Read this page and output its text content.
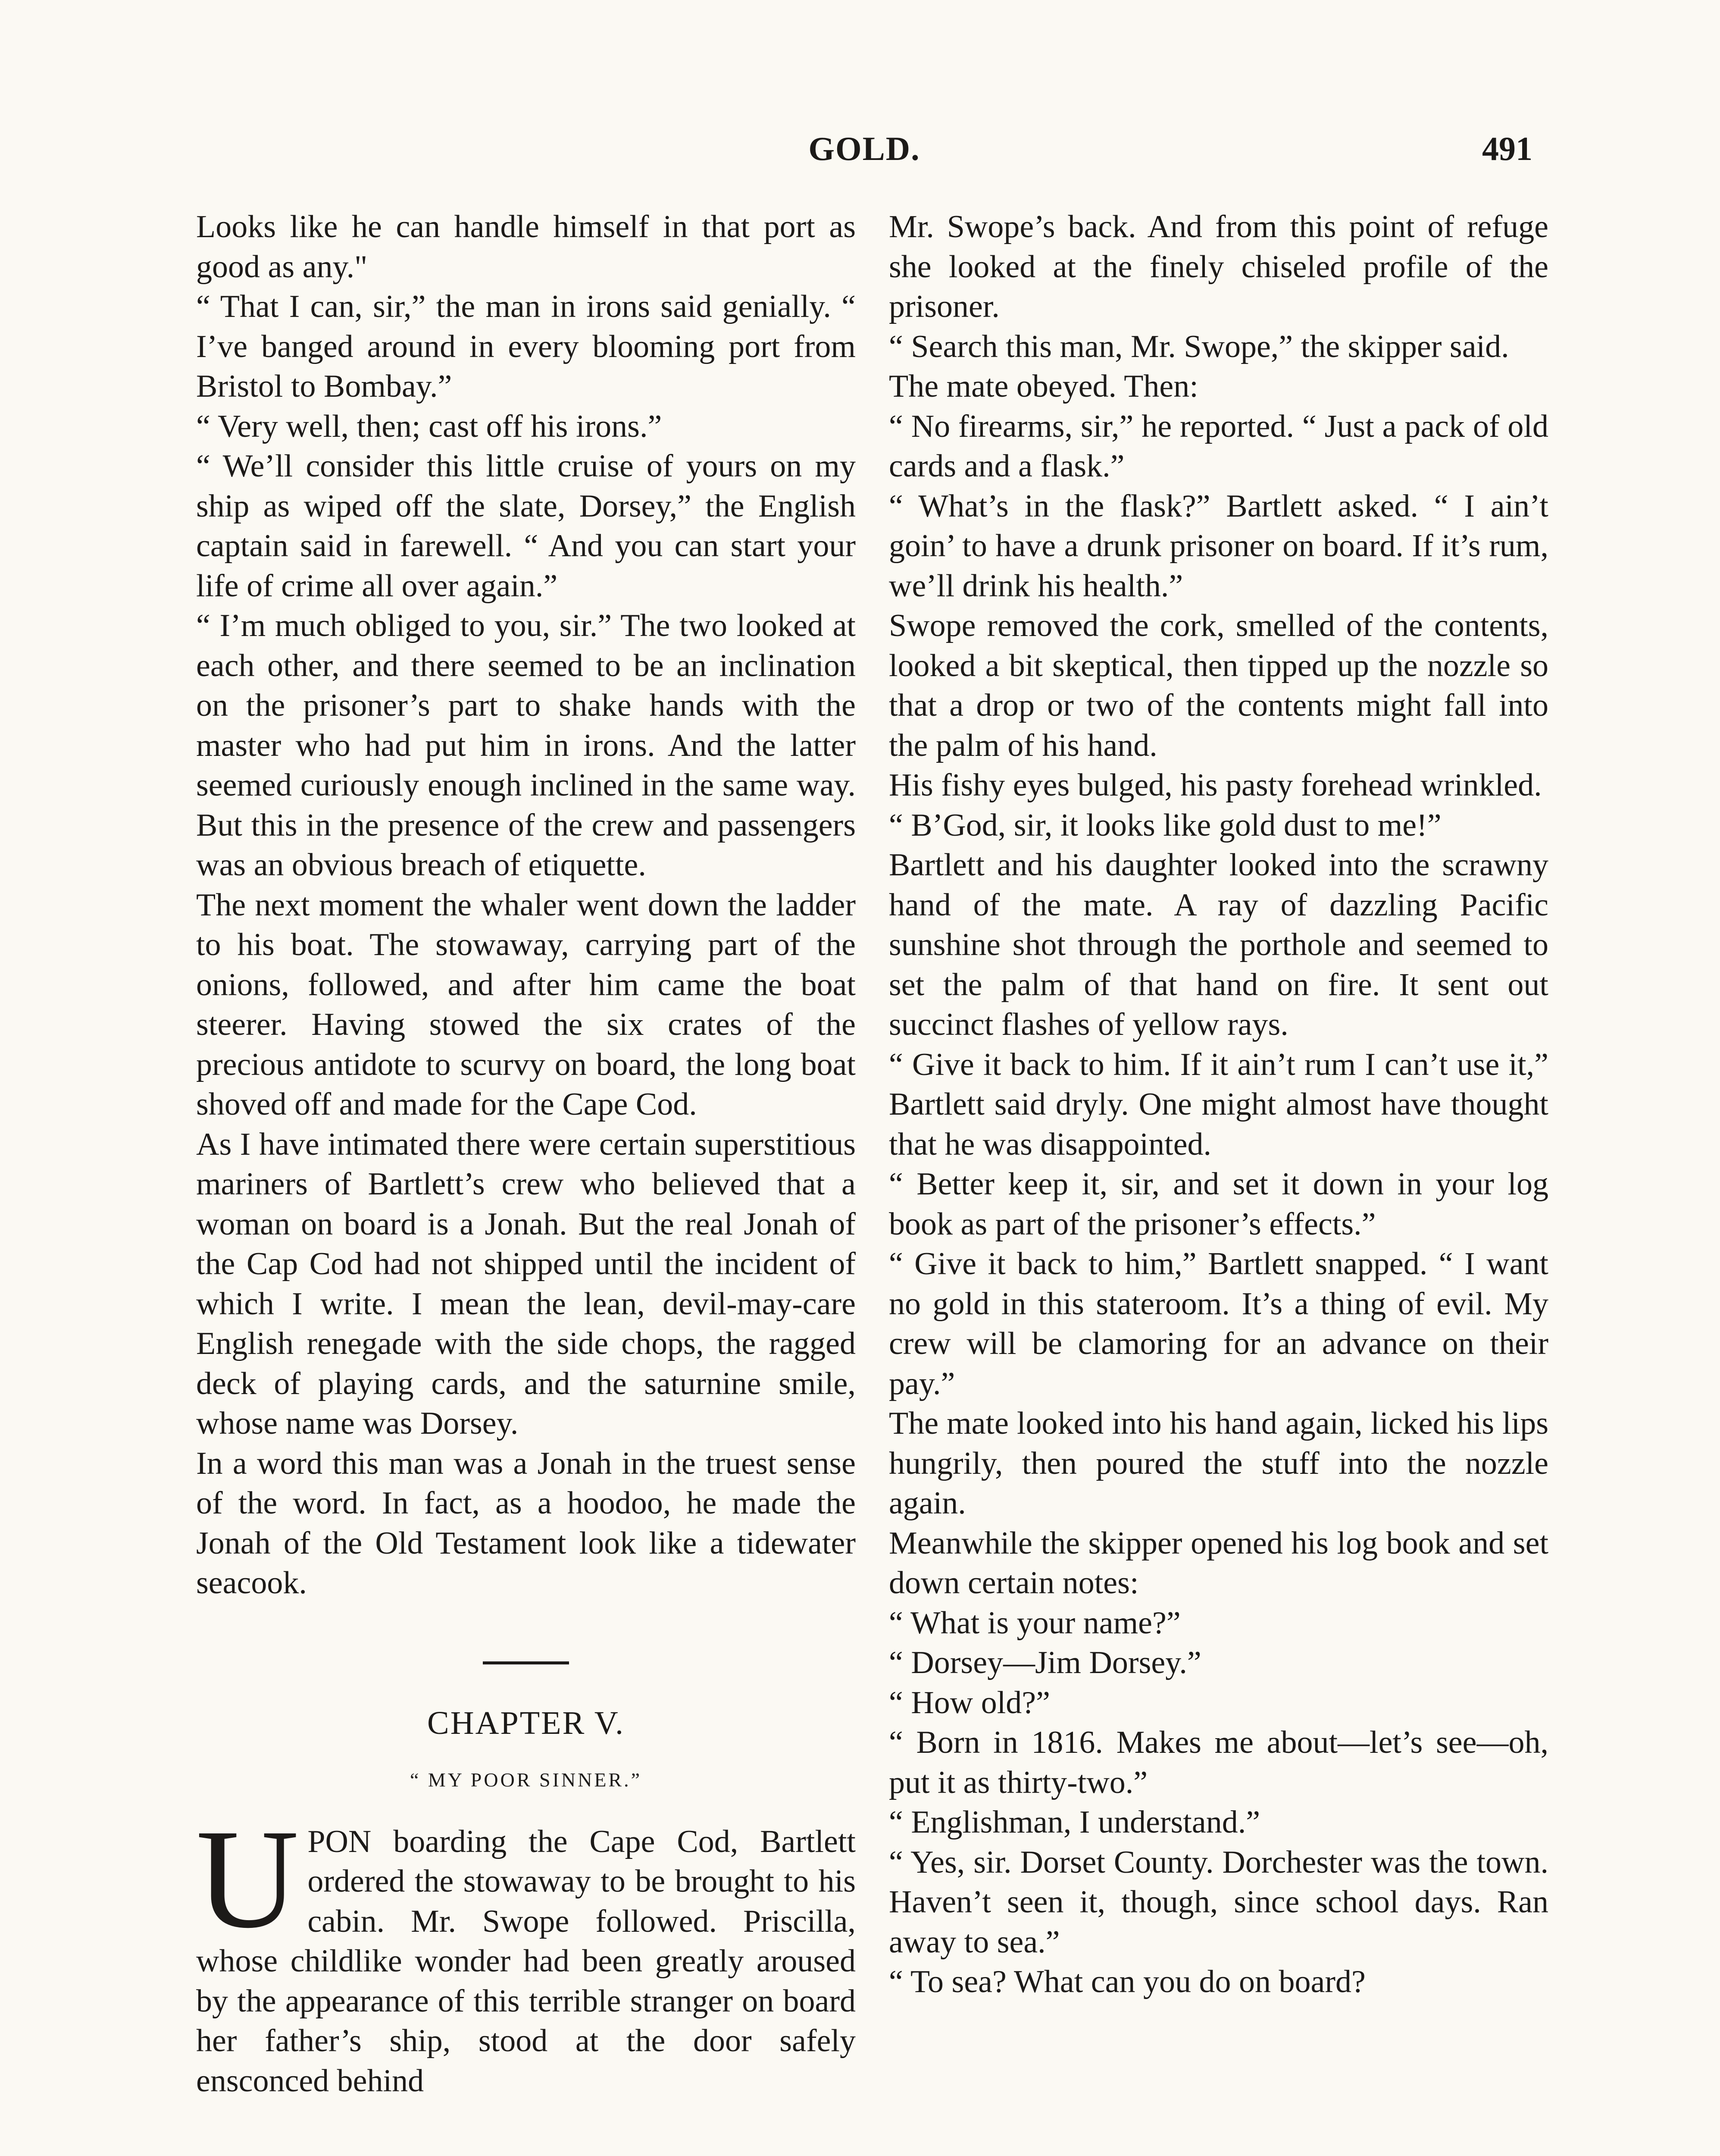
GOLD.	491

Looks like he can handle himself in that port as good as any."

“ That I can, sir,” the man in irons said genially. “ I’ve banged around in every blooming port from Bristol to Bombay.”

“ Very well, then; cast off his irons.”

“ We’ll consider this little cruise of yours on my ship as wiped off the slate, Dorsey,” the English captain said in farewell. “ And you can start your life of crime all over again.”

“ I’m much obliged to you, sir.” The two looked at each other, and there seemed to be an inclination on the prisoner’s part to shake hands with the master who had put him in irons. And the latter seemed curiously enough inclined in the same way. But this in the presence of the crew and passengers was an obvious breach of etiquette.

The next moment the whaler went down the ladder to his boat. The stowaway, carrying part of the onions, followed, and after him came the boat steerer. Having stowed the six crates of the precious antidote to scurvy on board, the long boat shoved off and made for the Cape Cod.

As I have intimated there were certain superstitious mariners of Bartlett’s crew who believed that a woman on board is a Jonah. But the real Jonah of the Cap Cod had not shipped until the incident of which I write. I mean the lean, devil-may-care English renegade with the side chops, the ragged deck of playing cards, and the saturnine smile, whose name was Dorsey.

In a word this man was a Jonah in the truest sense of the word. In fact, as a hoodoo, he made the Jonah of the Old Testament look like a tidewater seacook.

CHAPTER V.
“ MY POOR SINNER.”

UPON boarding the Cape Cod, Bartlett ordered the stowaway to be brought to his cabin. Mr. Swope followed. Priscilla, whose childlike wonder had been greatly aroused by the appearance of this terrible stranger on board her father’s ship, stood at the door safely ensconced behind

Mr. Swope’s back. And from this point of refuge she looked at the finely chiseled profile of the prisoner.

“ Search this man, Mr. Swope,” the skipper said.

The mate obeyed. Then:

“ No firearms, sir,” he reported. “ Just a pack of old cards and a flask.”

“ What’s in the flask?” Bartlett asked. “ I ain’t goin’ to have a drunk prisoner on board. If it’s rum, we’ll drink his health.”

Swope removed the cork, smelled of the contents, looked a bit skeptical, then tipped up the nozzle so that a drop or two of the contents might fall into the palm of his hand.

His fishy eyes bulged, his pasty forehead wrinkled.

“ B’God, sir, it looks like gold dust to me!”

Bartlett and his daughter looked into the scrawny hand of the mate. A ray of dazzling Pacific sunshine shot through the porthole and seemed to set the palm of that hand on fire. It sent out succinct flashes of yellow rays.

“ Give it back to him. If it ain’t rum I can’t use it,” Bartlett said dryly. One might almost have thought that he was disappointed.

“ Better keep it, sir, and set it down in your log book as part of the prisoner’s effects.”

“ Give it back to him,” Bartlett snapped. “ I want no gold in this stateroom. It’s a thing of evil. My crew will be clamoring for an advance on their pay.”

The mate looked into his hand again, licked his lips hungrily, then poured the stuff into the nozzle again.

Meanwhile the skipper opened his log book and set down certain notes:

“ What is your name?”

“ Dorsey—Jim Dorsey.”

“ How old?”

“ Born in 1816. Makes me about—let’s see—oh, put it as thirty-two.”

“ Englishman, I understand.”

“ Yes, sir. Dorset County. Dorchester was the town. Haven’t seen it, though, since school days. Ran away to sea.”

“ To sea? What can you do on board?
